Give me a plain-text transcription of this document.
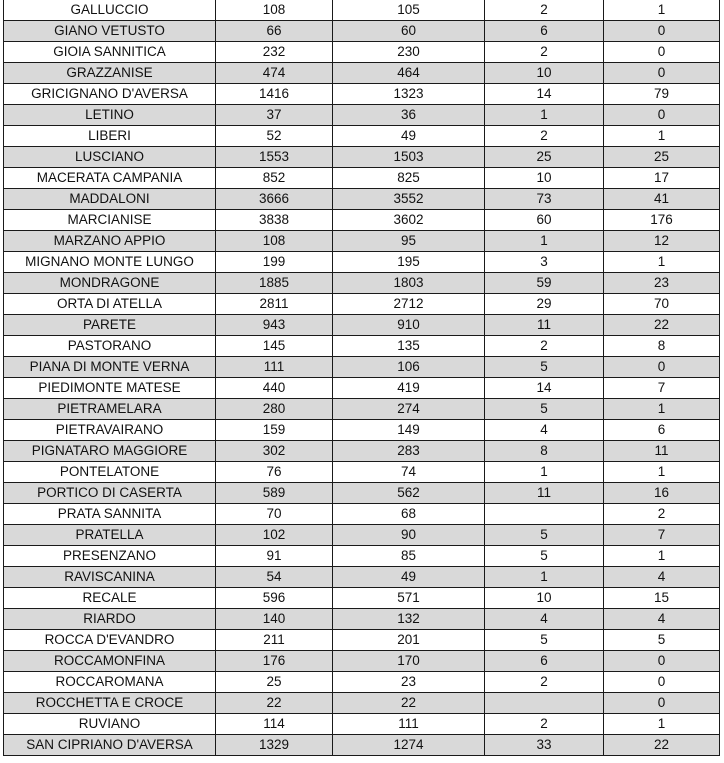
GALLUCCIO	108	105	2	1
GIANO VETUSTO	66	60	6	0
GIOIA SANNITICA	232	230	2	0
GRAZZANISE	474	464	10	0
GRICIGNANO D'AVERSA	1416	1323	14	79
LETINO	37	36	1	0
LIBERI	52	49	2	1
LUSCIANO	1553	1503	25	25
MACERATA CAMPANIA	852	825	10	17
MADDALONI	3666	3552	73	41
MARCIANISE	3838	3602	60	176
MARZANO APPIO	108	95	1	12
MIGNANO MONTE LUNGO	199	195	3	1
MONDRAGONE	1885	1803	59	23
ORTA DI ATELLA	2811	2712	29	70
PARETE	943	910	11	22
PASTORANO	145	135	2	8
PIANA DI MONTE VERNA	111	106	5	0
PIEDIMONTE MATESE	440	419	14	7
PIETRAMELARA	280	274	5	1
PIETRAVAIRANO	159	149	4	6
PIGNATARO MAGGIORE	302	283	8	11
PONTELATONE	76	74	1	1
PORTICO DI CASERTA	589	562	11	16
PRATA SANNITA	70	68		2
PRATELLA	102	90	5	7
PRESENZANO	91	85	5	1
RAVISCANINA	54	49	1	4
RECALE	596	571	10	15
RIARDO	140	132	4	4
ROCCA D'EVANDRO	211	201	5	5
ROCCAMONFINA	176	170	6	0
ROCCAROMANA	25	23	2	0
ROCCHETTA E CROCE	22	22		0
RUVIANO	114	111	2	1
SAN CIPRIANO D'AVERSA	1329	1274	33	22
